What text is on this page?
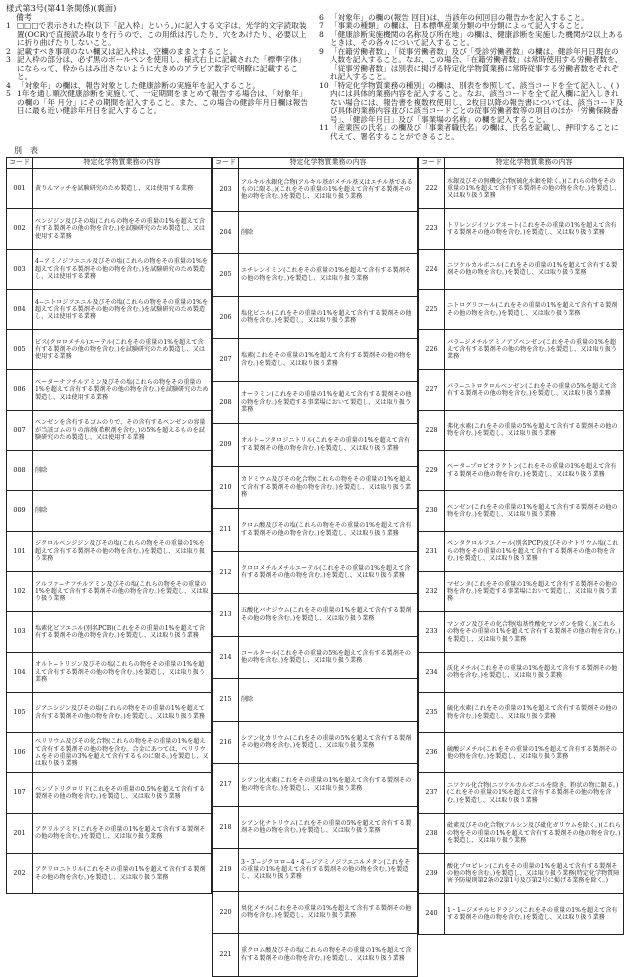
様式第3号(第41条関係)(裏面)
備考
1 □□□で表示された枠(以下「記入枠」という。)に記入する文字は、光学的文字読取装置(OCR)で直接読み取りを行うので、この用紙は汚したり、穴をあけたり、必要以上に折り曲げたりしないこと。
2 記載すべき事項のない欄又は記入枠は、空欄のままとすること。
3 記入枠の部分は、必ず黒のボールペンを使用し、様式右上に記載された「標準字体」にならって、枠からはみ出さないように大きめのアラビア数字で明瞭に記載すること。
4 「対象年」の欄は、報告対象とした健康診断の実施年を記入すること。
5 1年を通し順次健康診断を実施して、一定期間をまとめて報告する場合は、「対象年」の欄の「年 月分」にその期間を記入すること。また、この場合の健診年月日欄は報告日に最も近い健診年月日を記入すること。
6 「対象年」の欄の(報告 回目)は、当該年の何回目の報告かを記入すること。
7 「事業の種類」の欄は、日本標準産業分類の中分類によって記入すること。
8 「健康診断実施機関の名称及び所在地」の欄は、健康診断を実施した機関が2以上あるときは、その各々について記入すること。
9 「在籍労働者数」、「従事労働者数」及び「受診労働者数」の欄は、健診年月日現在の人数を記入すること。なお、この場合、「在籍労働者数」は常時使用する労働者数を、「従事労働者数」は別表に掲げる特定化学物質業務に常時従事する労働者数をそれぞれ記入すること。
10 「特定化学物質業務の種別」の欄は、別表を参照して、該当コードを全て記入し、( )内には具体的業務内容を記入すること。なお、該当コードを全て記入欄に記入しきれない場合には、報告書を複数枚使用し、2枚目以降の報告書については、該当コード及び具体的業務内容並びに該当コードごとの従事労働者数等の項目のほか「労働保険番号」、「健診年月日」及び「事業場の名称」の欄を記入すること。
11 「産業医の氏名」の欄及び「事業者職氏名」の欄は、氏名を記載し、押印することに代えて、署名することができること。
別　表
コード	特定化学物質業務の内容
001	黄りんマッチを試験研究のため製造し、又は使用する業務
002	ベンジジン及びその塩(これらの物をその重量の1%を超えて含有する製剤その他の物を含む。)を試験研究のため製造し、又は使用する業務
003	4−アミノジフエニル及びその塩(これらの物をその重量の1%を超えて含有する製剤その他の物を含む。)を試験研究のため製造し、又は使用する業務
004	4−ニトロジフエニル及びその塩(これらの物をその重量の1%を超えて含有する製剤その他の物を含む。)を試験研究のため製造し、又は使用する業務
005	ビス(クロロメチル)エーテル(これをその重量の1%を超えて含有する製剤その他の物を含む。)を試験研究のため製造し、又は使用する業務
006	ベーターナフチルアミン及びその塩(これらの物をその重量の1%を超えて含有する製剤その他の物を含む。)を試験研究のため製造し、又は使用する業務
007	ベンゼンを含有するゴムのりで、その含有するベンゼンの容量が当該ゴムのりの溶剤(希釈剤を含む。)の5%を超えるものを試験研究のため製造し、又は使用する業務
008	削除
009	削除
101	ジクロルベンジジン及びその塩(これらの物をその重量の1%を超えて含有する製剤その他の物を含む。)を製造し、又は取り扱う業務
102	アルファ−ナフチルアミン及びその塩(これらの物をその重量の1%を超えて含有する製剤その他の物を含む。)を製造し、又は取り扱う業務
103	塩素化ビフエニル(別名PCB)(これをその重量の1%を超えて含有する製剤その他の物を含む。)を製造し、又は取り扱う業務
104	オルト−トリジン及びその塩(これらの物をその重量の1%を超えて含有する製剤その他の物を含む。)を製造し、又は取り扱う業務
105	ジアニシジン及びその塩(これらの物をその重量の1%を超えて含有する製剤その他の物を含む。)を製造し、又は取り扱う業務
106	ベリリウム及びその化合物(これらの物をその重量の1%を超えて含有する製剤その他の物を含む。合金にあつては、ベリリウムをその重量の3%を超えて含有するものに限る。)を製造し、又は取り扱う業務
107	ベンゾトリクロリド(これをその重量の0.5%を超えて含有する製剤その他の物を含む。)を製造し、又は取り扱う業務
201	アクリルアミド(これをその重量の1%を超えて含有する製剤その他の物を含む。)を製造し、又は取り扱う業務
202	アクリロニトリル(これをその重量の1%を超えて含有する製剤その他の物を含む。)を製造し、又は取り扱う業務
コード	特定化学物質業務の内容
203	アルキル水銀化合物(アルキル基がメチル基又はエチル基であるものに限る。)(これをその重量の1%を超えて含有する製剤その他の物を含む。)を製造し、又は取り扱う業務
204	削除
205	エチレンイミン(これをその重量の1%を超えて含有する製剤その他の物を含む。)を製造し、又は取り扱う業務
206	塩化ビニル(これをその重量の1%を超えて含有する製剤その他の物を含む。)を製造し、又は取り扱う業務
207	塩素(これをその重量の1%を超えて含有する製剤その他の物を含む。)を製造し、又は取り扱う業務
208	オーラミン(これをその重量の1%を超えて含有する製剤その他の物を含む。)を製造する事業場において製造し、又は取り扱う業務
209	オルト−フタロジニトリル(これをその重量の1%を超えて含有する製剤その他の物を含む。)を製造し、又は取り扱う業務
210	カドミウム及びその化合物(これらの物をその重量の1%を超えて含有する製剤その他の物を含む。)を製造し、又は取り扱う業務
211	クロム酸及びその塩(これらの物をその重量の1%を超えて含有する製剤その他の物を含む。)を製造し、又は取り扱う業務
212	クロロメチルメチルエーテル(これをその重量の1%を超えて含有する製剤その他の物を含む。)を製造し、又は取り扱う業務
213	五酸化バナジウム(これをその重量の1%を超えて含有する製剤その他の物を含む。)を製造し、又は取り扱う業務
214	コールタール(これをその重量の5%を超えて含有する製剤その他の物を含む。)を製造し、又は取り扱う業務
215	削除
216	シアン化カリウム(これをその重量の5%を超えて含有する製剤その他の物を含む。)を製造し、又は取り扱う業務
217	シアン化水素(これをその重量の1%を超えて含有する製剤その他の物を含む。)を製造し、又は取り扱う業務
218	シアン化ナトリウム(これをその重量の5%を超えて含有する製剤その他の物を含む。)を製造し、又は取り扱う業務
219	3・3′−ジクロロ−4・4′−ジアミノジフエニルメタン(これをその重量の1%を超えて含有する製剤その他の物を含む。)を製造し、又は取り扱う業務
220	臭化メチル(これをその重量の1%を超えて含有する製剤その他の物を含む。)を製造し、又は取り扱う業務
221	重クロム酸及びその塩(これらの物をその重量の1%を超えて含有する製剤その他の物を含む。)を製造し、又は取り扱う業務
コード	特定化学物質業務の内容
222	水銀及びその無機化合物(硫化水銀を除く。)(これらの物をその重量の1%を超えて含有する製剤その他の物を含む。)を製造し、又は取り扱う業務
223	トリレンジイソシアネート(これをその重量の1%を超えて含有する製剤その他の物を含む。)を製造し、又は取り扱う業務
224	ニツケルカルボニル(これをその重量の1%を超えて含有する製剤その他の物を含む。)を製造し、又は取り扱う業務
225	ニトログリコール(これをその重量の1%を超えて含有する製剤その他の物を含む。)を製造し、又は取り扱う業務
226	パラ−ジメチルアミノアゾベンゼン(これをその重量の1%を超えて含有する製剤その他の物を含む。)を製造し、又は取り扱う業務
227	パラ−ニトロクロルベンゼン(これをその重量の5%を超えて含有する製剤その他の物を含む。)を製造し、又は取り扱う業務
228	弗化水素(これをその重量の5%を超えて含有する製剤その他の物を含む。)を製造し、又は取り扱う業務
229	ベータ−プロピオラクトン(これをその重量の1%を超えて含有する製剤その他の物を含む。)を製造し、又は取り扱う業務
230	ベンゼン(これをその重量の1%を超えて含有する製剤その他の物を含む。)を製造し、又は取り扱う業務
231	ペンタクロルフエノール(別名PCP)及びそのナトリウム塩(これらの物をその重量の1%を超えて含有する製剤その他の物を含む。)を製造し、又は取り扱う業務
232	マゼンタ(これをその重量の1%を超えて含有する製剤その他の物を含む。)を製造する事業場において製造し、又は取り扱う業務
233	マンガン及びその化合物(塩基性酸化マンガンを除く。)(これらの物をその重量の1%を超えて含有する製剤その他の物を含む。)を製造し、又は取り扱う業務
234	沃化メチル(これをその重量の1%を超えて含有する製剤その他の物を含む。)を製造し、又は取り扱う業務
235	硫化水素(これをその重量の1%を超えて含有する製剤その他の物を含む。)を製造し、又は取り扱う業務
236	硫酸ジメチル(これをその重量の1%を超えて含有する製剤その他の物を含む。)を製造し、又は取り扱う業務
237	ニツケル化合物(ニツケルカルボニルを除き、粉状の物に限る。)(これをその重量の1%を超えて含有する製剤その他の物を含む。)を製造し、又は取り扱う業務
238	砒素及びその化合物(アルシン及び砒化ガリウムを除く。)(これらの物をその重量の1%を超えて含有する製剤その他の物を含む。)を製造し、又は取り扱う業務
239	酸化プロピレン(これをその重量の1%を超えて含有する製剤その他の物を含む。)を製造し、又は取り扱う業務(特定化学物質障害予防規則第2条の2第1号及び第2号に掲げる業務を除く。)
240	1・1−ジメチルヒドラジン(これをその重量の1%を超えて含有する製剤その他の物を含む。)を製造し、又は取り扱う業務
